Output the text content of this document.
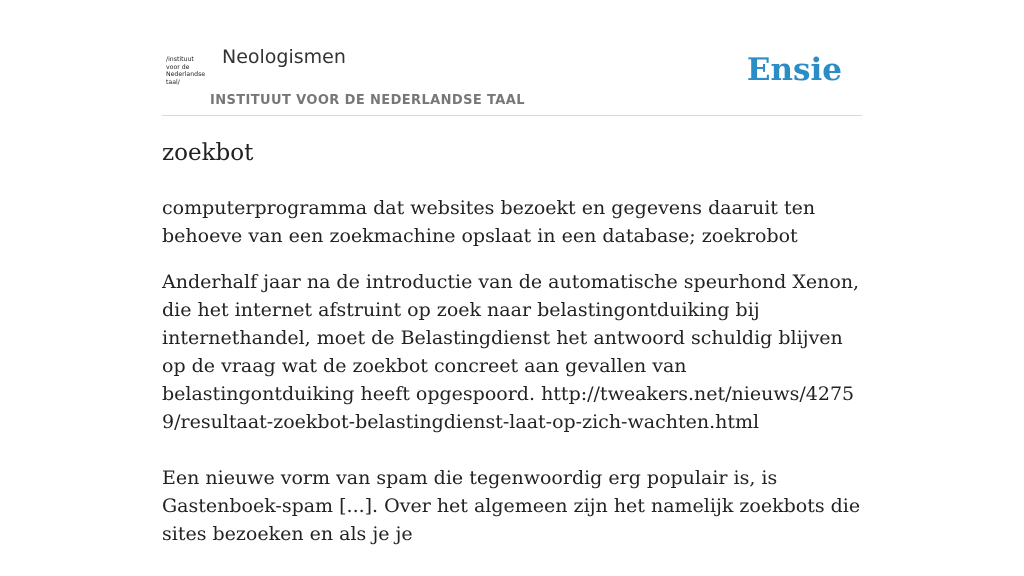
/instituut
voor de
Nederlandse
taal/
Neologismen
INSTITUUT VOOR DE NEDERLANDSE TAAL
Ensie
zoekbot
computerprogramma dat websites bezoekt en gegevens daaruit ten behoeve van een zoekmachine opslaat in een database; zoekrobot

Anderhalf jaar na de introductie van de automatische speurhond Xenon, die het internet afstruint op zoek naar belastingontduiking bij internethandel, moet de Belastingdienst het antwoord schuldig blijven op de vraag wat de zoekbot concreet aan gevallen van belastingontduiking heeft opgespoord. http://tweakers.net/nieuws/42759/resultaat-zoekbot-belastingdienst-laat-op-zich-wachten.html

Een nieuwe vorm van spam die tegenwoordig erg populair is, is Gastenboek-spam [...]. Over het algemeen zijn het namelijk zoekbots die sites bezoeken en als je je
